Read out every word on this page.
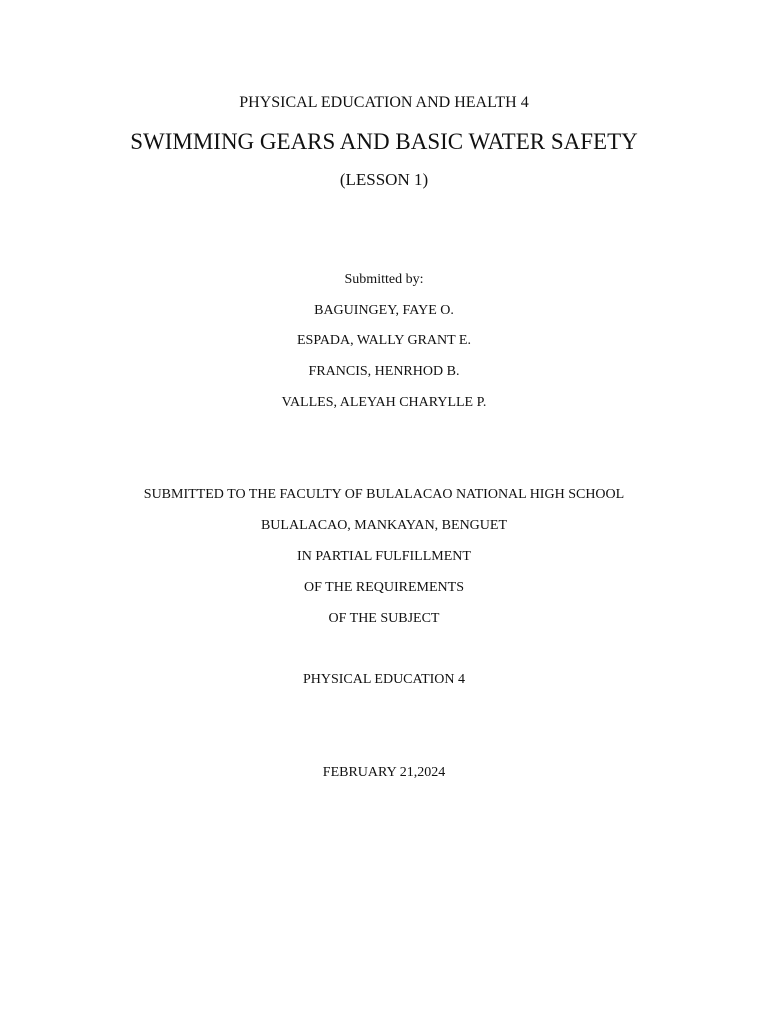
PHYSICAL EDUCATION AND HEALTH 4
SWIMMING GEARS AND BASIC WATER SAFETY
(LESSON 1)
Submitted by:
BAGUINGEY, FAYE O.
ESPADA, WALLY GRANT E.
FRANCIS, HENRHOD B.
VALLES, ALEYAH CHARYLLE P.
SUBMITTED TO THE FACULTY OF BULALACAO NATIONAL HIGH SCHOOL
BULALACAO, MANKAYAN, BENGUET
IN PARTIAL FULFILLMENT
OF THE REQUIREMENTS
OF THE SUBJECT
PHYSICAL EDUCATION 4
FEBRUARY 21,2024
